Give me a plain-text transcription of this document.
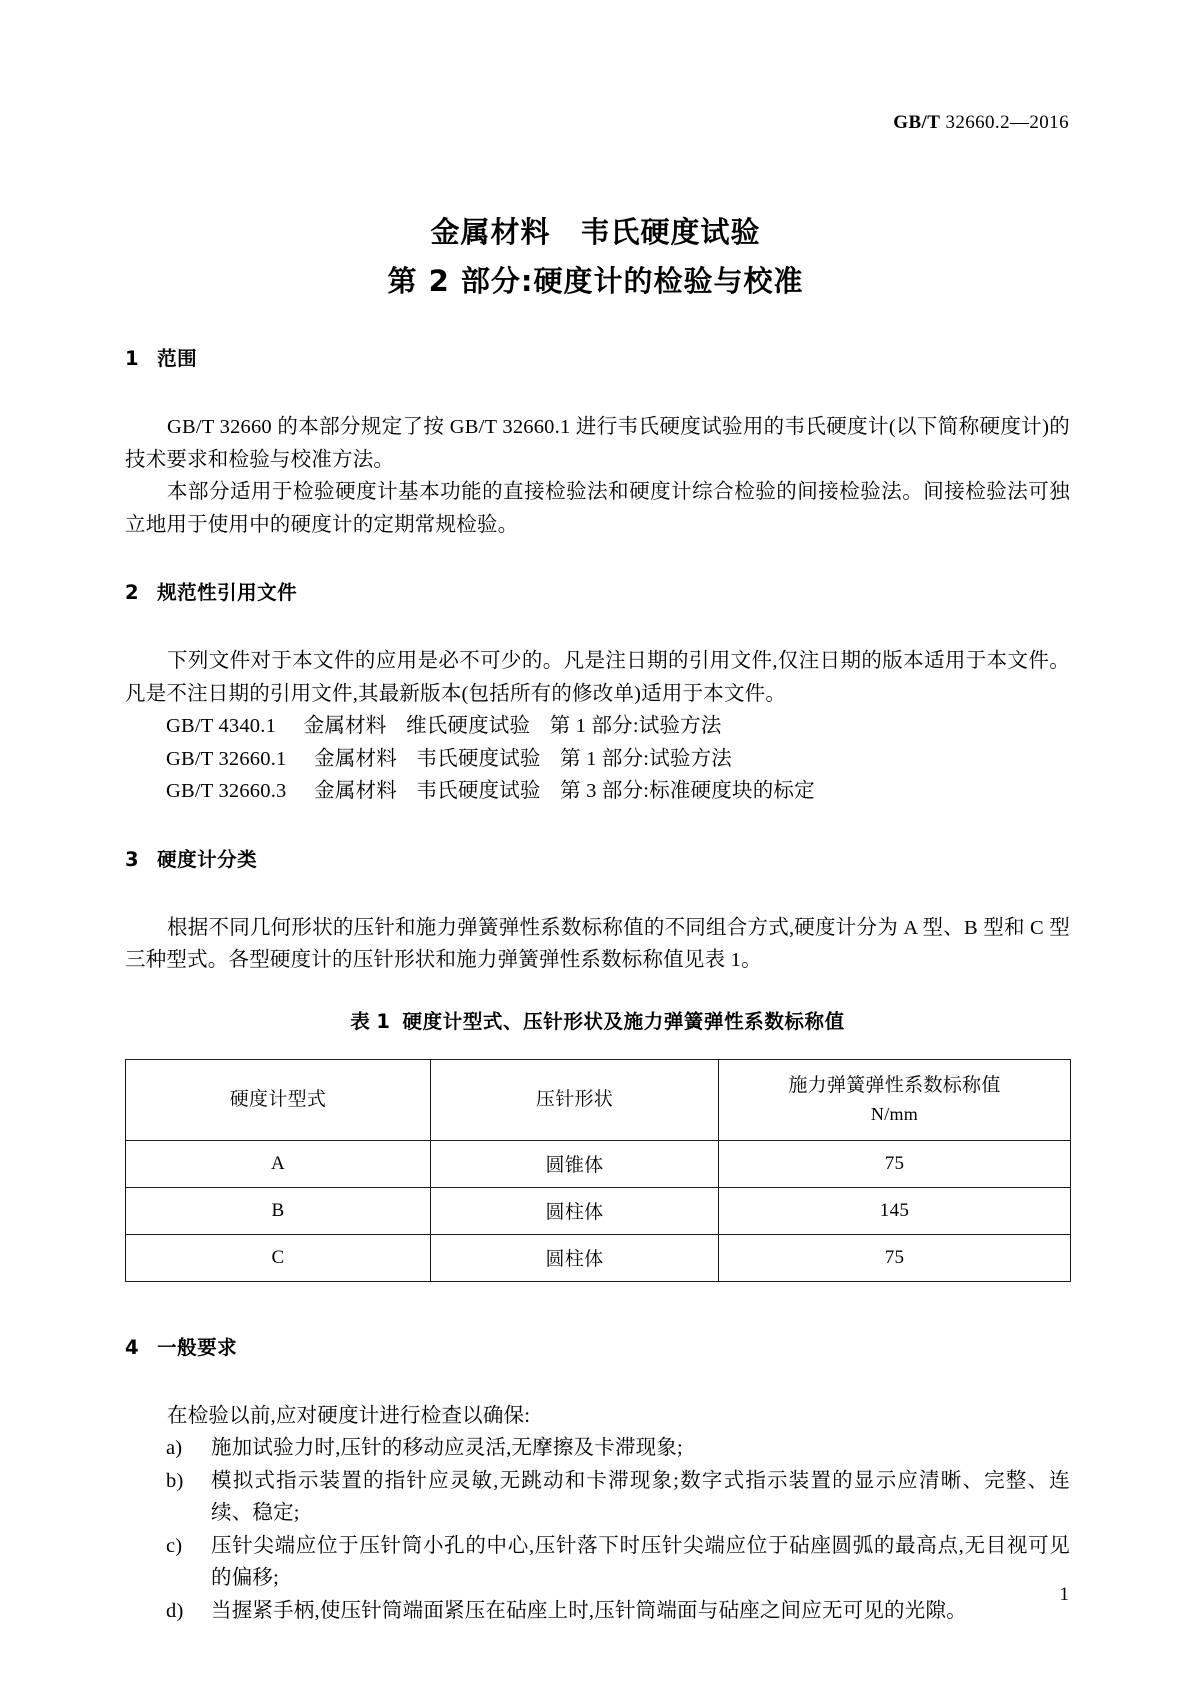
GB/T 32660.2—2016
金属材料　韦氏硬度试验
第 2 部分:硬度计的检验与校准
1 范围

GB/T 32660 的本部分规定了按 GB/T 32660.1 进行韦氏硬度试验用的韦氏硬度计(以下简称硬度计)的技术要求和检验与校准方法。

本部分适用于检验硬度计基本功能的直接检验法和硬度计综合检验的间接检验法。间接检验法可独立地用于使用中的硬度计的定期常规检验。

2 规范性引用文件

下列文件对于本文件的应用是必不可少的。凡是注日期的引用文件,仅注日期的版本适用于本文件。凡是不注日期的引用文件,其最新版本(包括所有的修改单)适用于本文件。

GB/T 4340.1 金属材料 维氏硬度试验 第 1 部分:试验方法
GB/T 32660.1 金属材料 韦氏硬度试验 第 1 部分:试验方法
GB/T 32660.3 金属材料 韦氏硬度试验 第 3 部分:标准硬度块的标定
3 硬度计分类

根据不同几何形状的压针和施力弹簧弹性系数标称值的不同组合方式,硬度计分为 A 型、B 型和 C 型三种型式。各型硬度计的压针形状和施力弹簧弹性系数标称值见表 1。

表 1 硬度计型式、压针形状及施力弹簧弹性系数标称值

硬度计型式	压针形状	施力弹簧弹性系数标称值
N/mm

A	圆锥体	75
B	圆柱体	145
C	圆柱体	75
4 一般要求

在检验以前,应对硬度计进行检查以确保:

a) 施加试验力时,压针的移动应灵活,无摩擦及卡滞现象;
b) 模拟式指示装置的指针应灵敏,无跳动和卡滞现象;数字式指示装置的显示应清晰、完整、连续、稳定;
c) 压针尖端应位于压针筒小孔的中心,压针落下时压针尖端应位于砧座圆弧的最高点,无目视可见的偏移;
d) 当握紧手柄,使压针筒端面紧压在砧座上时,压针筒端面与砧座之间应无可见的光隙。
1
